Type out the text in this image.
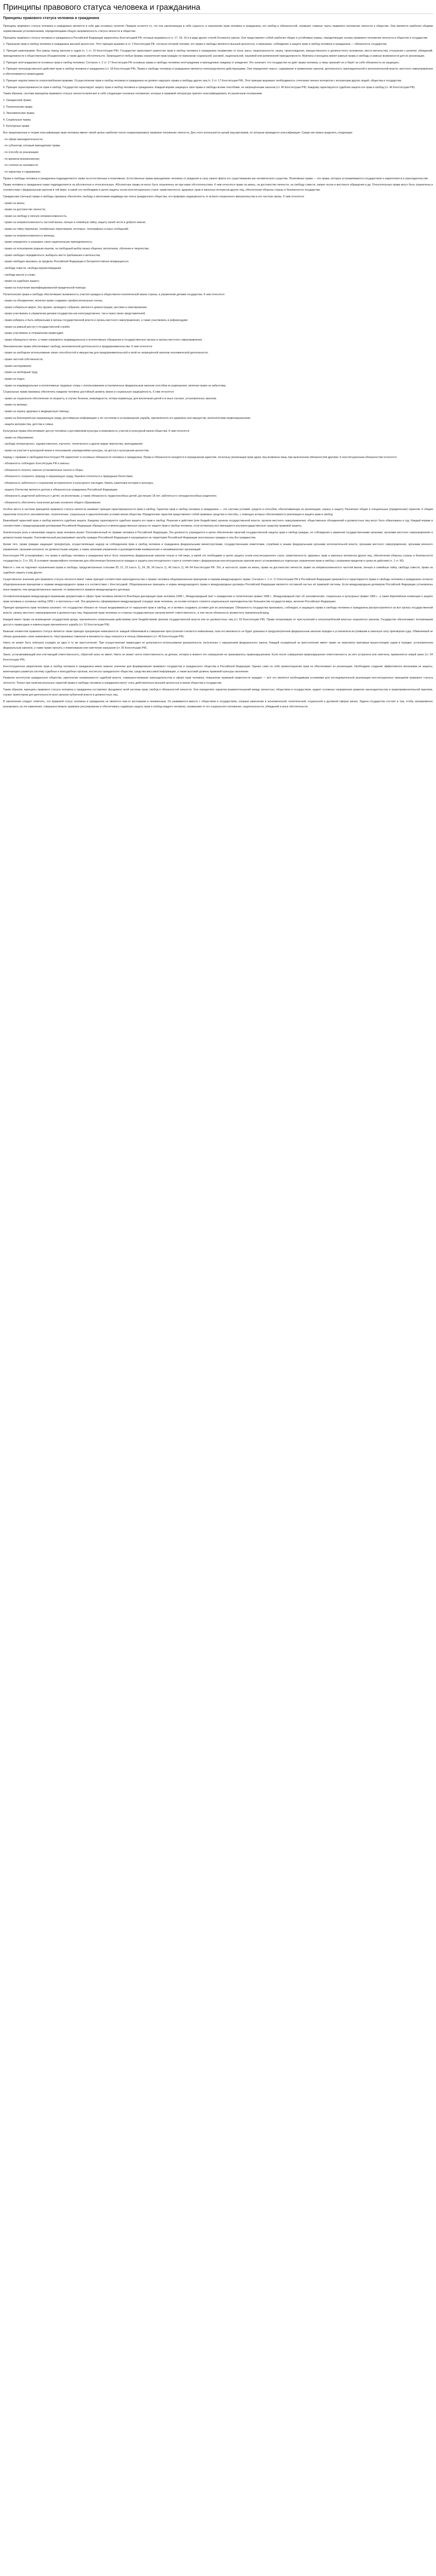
Принципы правового статуса человека и гражданина
Принципы правового статуса человека и гражданина

Принципы правового статуса человека и гражданина являются в себе два основных понятия: Первым остается то, что они заключающие в себя сущность и назначение прав человека и гражданина, его свобод и обязанностей, отражают главные черты правового положения личности в обществе. Они являются наиболее общими нормативными установлениями, определяющими общую направленность статуса личности в обществе.

Принципы правового статуса человека и гражданина в Российской Федерации закреплены Конституцией РФ, которые выражены в ст. 17, 18, 19 и в ряде других статей Основного закона. Они представляют собой наиболее общие и устойчивые нормы, определяющие основы правового положения личности в обществе и государстве.

1. Признание прав и свобод человека и гражданина высшей ценностью. Этот принцип выражен в ст. 2 Конституции РФ, согласно которой человек, его права и свободы являются высшей ценностью, а признание, соблюдение и защита прав и свобод человека и гражданина — обязанность государства.

2. Принцип равноправия. Все равны перед законом и судом (ч. 1 ст. 19 Конституции РФ). Государство гарантирует равенство прав и свобод человека и гражданина независимо от пола, расы, национальности, языка, происхождения, имущественного и должностного положения, места жительства, отношения к религии, убеждений, принадлежности к общественным объединениям, а также других обстоятельств. Запрещаются любые формы ограничения прав граждан по признакам социальной, расовой, национальной, языковой или религиозной принадлежности. Мужчина и женщина имеют равные права и свободы и равные возможности для их реализации.

3. Принцип неотчуждаемости основных прав и свобод человека. Согласно ч. 2 ст. 17 Конституции РФ основные права и свободы человека неотчуждаемы и принадлежат каждому от рождения. Это означает, что государство не даёт права человеку, а лишь признаёт их и берёт на себя обязанность их защищать.

4. Принцип непосредственного действия прав и свобод человека и гражданина (ст. 18 Конституции РФ). Права и свободы человека и гражданина являются непосредственно действующими. Они определяют смысл, содержание и применение законов, деятельность законодательной и исполнительной власти, местного самоуправления и обеспечиваются правосудием.

5. Принцип недопустимости злоупотребления правами. Осуществление прав и свобод человека и гражданина не должно нарушать права и свободы других лиц (ч. 3 ст. 17 Конституции РФ). Этот принцип выражает необходимость сочетания личных интересов с интересами других людей, общества и государства.

6. Принцип гарантированности прав и свобод. Государство гарантирует защиту прав и свобод человека и гражданина. Каждый вправе защищать свои права и свободы всеми способами, не запрещёнными законом (ст. 45 Конституции РФ). Каждому гарантируется судебная защита его прав и свобод (ст. 46 Конституции РФ).

Таким образом, система принципов правового статуса личности включает в себя следующие основные положения, которые в правовой литературе принято классифицировать по различным основаниям:

1. Гражданские права;

2. Политические права;

3. Экономические права;

4. Социальные права;

5. Культурные права.

Все предложенные в теории классификации прав человека имеют своей целью наиболее полно охарактеризовать правовое положение личности. Для этого используется целый ряд критериев, по которым проводится классификация. Среди них можно выделить следующие:

- по сфере жизнедеятельности;

- по субъектам, которым принадлежат права;

- по способу их реализации;

- по времени возникновения;

- по степени их значимости;

- по характеру и содержанию.

Права и свободы человека и гражданина подразделяются также на естественные и позитивные. Естественные права принадлежат человеку от рождения в силу самого факта его существования как человеческого существа. Позитивные права — это права, которые устанавливаются государством и закрепляются в законодательстве.

Права человека и гражданина также подразделяются на абсолютные и относительные. Абсолютные права не могут быть ограничены ни при каких обстоятельствах. К ним относятся право на жизнь, на достоинство личности, на свободу совести, запрет пыток и жестокого обращения и др. Относительные права могут быть ограничены в соответствии с федеральным законом в той мере, в какой это необходимо в целях защиты основ конституционного строя, нравственности, здоровья, прав и законных интересов других лиц, обеспечения обороны страны и безопасности государства.

Гражданские (личные) права и свободы призваны обеспечить свободу и автономию индивида как члена гражданского общества, его правовую защищённость от всякого незаконного вмешательства в его частную жизнь. К ним относятся:

- право на жизнь;

- право на достоинство личности;

- право на свободу и личную неприкосновенность;

- право на неприкосновенность частной жизни, личную и семейную тайну, защиту своей чести и доброго имени;

- право на тайну переписки, телефонных переговоров, почтовых, телеграфных и иных сообщений;

- право на неприкосновенность жилища;

- право определять и указывать свою национальную принадлежность;

- право на пользование родным языком, на свободный выбор языка общения, воспитания, обучения и творчества;

- право свободно передвигаться, выбирать место пребывания и жительства;

- право свободно выезжать за пределы Российской Федерации и беспрепятственно возвращаться;

- свобода совести, свобода вероисповедания;

- свобода мысли и слова;

- право на судебную защиту;

- право на получение квалифицированной юридической помощи.

Политические права и свободы обеспечивают возможность участия граждан в общественно-политической жизни страны, в управлении делами государства. К ним относятся:

- право на объединение, включая право создавать профессиональные союзы;

- право собираться мирно, без оружия, проводить собрания, митинги и демонстрации, шествия и пикетирование;

- право участвовать в управлении делами государства как непосредственно, так и через своих представителей;

- право избирать и быть избранными в органы государственной власти и органы местного самоуправления, а также участвовать в референдуме;

- право на равный доступ к государственной службе;

- право участвовать в отправлении правосудия;

- право обращаться лично, а также направлять индивидуальные и коллективные обращения в государственные органы и органы местного самоуправления.

Экономические права обеспечивают свободу экономической деятельности и предпринимательства. К ним относятся:

- право на свободное использование своих способностей и имущества для предпринимательской и иной не запрещённой законом экономической деятельности;

- право частной собственности;

- право наследования;

- право на свободный труд;

- право на отдых;

- право на индивидуальные и коллективные трудовые споры с использованием установленных федеральным законом способов их разрешения, включая право на забастовку.

Социальные права призваны обеспечить каждому человеку достойный уровень жизни и социальную защищённость. К ним относятся:

- право на социальное обеспечение по возрасту, в случае болезни, инвалидности, потери кормильца, для воспитания детей и в иных случаях, установленных законом;

- право на жилище;

- право на охрану здоровья и медицинскую помощь;

- право на благоприятную окружающую среду, достоверную информацию о её состоянии и на возмещение ущерба, причинённого его здоровью или имуществу экологическим правонарушением;

- защита материнства, детства и семьи.

Культурные права обеспечивают доступ человека к достижениям культуры и возможность участия в культурной жизни общества. К ним относятся:

- право на образование;

- свобода литературного, художественного, научного, технического и других видов творчества, преподавания;

- право на участие в культурной жизни и пользование учреждениями культуры, на доступ к культурным ценностям.

Наряду с правами и свободами Конституция РФ закрепляет и основные обязанности человека и гражданина. Права и обязанности находятся в неразрывном единстве, поскольку реализация прав одних лиц возможна лишь при выполнении обязанностей другими. К конституционным обязанностям относятся:

- обязанность соблюдать Конституцию РФ и законы;

- обязанность платить законно установленные налоги и сборы;

- обязанность сохранять природу и окружающую среду, бережно относиться к природным богатствам;

- обязанность заботиться о сохранении исторического и культурного наследия, беречь памятники истории и культуры;

- защита Отечества является долгом и обязанностью гражданина Российской Федерации;

- обязанность родителей заботиться о детях, их воспитании, а также обязанность трудоспособных детей, достигших 18 лет, заботиться о нетрудоспособных родителях;

- обязанность обеспечить получение детьми основного общего образования.

Особое место в системе принципов правового статуса личности занимает принцип гарантированности прав и свобод. Гарантии прав и свобод человека и гражданина — это система условий, средств и способов, обеспечивающих их реализацию, охрану и защиту. Различают общие и специальные (юридические) гарантии. К общим гарантиям относятся экономические, политические, социальные и идеологические условия жизни общества. Юридические гарантии представляют собой правовые средства и способы, с помощью которых обеспечивается реализация и защита прав и свобод.

Важнейшей гарантией прав и свобод является судебная защита. Каждому гарантируется судебная защита его прав и свобод. Решения и действия (или бездействие) органов государственной власти, органов местного самоуправления, общественных объединений и должностных лиц могут быть обжалованы в суд. Каждый вправе в соответствии с международными договорами Российской Федерации обращаться в межгосударственные органы по защите прав и свобод человека, если исчерпаны все имеющиеся внутригосударственные средства правовой защиты.

Значительную роль в механизме защиты прав человека играет Уполномоченный по правам человека в Российской Федерации. Эта должность учреждается в целях обеспечения гарантий государственной защиты прав и свобод граждан, их соблюдения и уважения государственными органами, органами местного самоуправления и должностными лицами. Уполномоченный рассматривает жалобы граждан Российской Федерации и находящихся на территории Российской Федерации иностранных граждан и лиц без гражданства.

Кроме того, права граждан защищает прокуратура, осуществляющая надзор за соблюдением прав и свобод человека и гражданина федеральными министерствами, государственными комитетами, службами и иными федеральными органами исполнительной власти, органами местного самоуправления, органами военного управления, органами контроля, их должностными лицами, а также органами управления и руководителями коммерческих и некоммерческих организаций.

Конституция РФ устанавливает, что права и свободы человека и гражданина могут быть ограничены федеральным законом только в той мере, в какой это необходимо в целях защиты основ конституционного строя, нравственности, здоровья, прав и законных интересов других лиц, обеспечения обороны страны и безопасности государства (ч. 3 ст. 55). В условиях чрезвычайного положения для обеспечения безопасности граждан и защиты конституционного строя в соответствии с федеральным конституционным законом могут устанавливаться отдельные ограничения прав и свобод с указанием пределов и срока их действия (ч. 1 ст. 56).

Вместе с тем не подлежат ограничению права и свободы, предусмотренные статьями 20, 21, 23 (часть 1), 24, 28, 34 (часть 1), 40 (часть 1), 46–54 Конституции РФ. Это, в частности, право на жизнь, право на достоинство личности, право на неприкосновенность частной жизни, личную и семейную тайну, свобода совести, право на судебную защиту и ряд других.

Существенное значение для правового статуса личности имеет также принцип соответствия законодательства о правах человека общепризнанным принципам и нормам международного права. Согласно ч. 1 ст. 17 Конституции РФ в Российской Федерации признаются и гарантируются права и свободы человека и гражданина согласно общепризнанным принципам и нормам международного права и в соответствии с Конституцией. Общепризнанные принципы и нормы международного права и международные договоры Российской Федерации являются составной частью её правовой системы. Если международным договором Российской Федерации установлены иные правила, чем предусмотренные законом, то применяются правила международного договора.

Основополагающими международно-правовыми документами в сфере прав человека являются Всеобщая декларация прав человека 1948 г., Международный пакт о гражданских и политических правах 1966 г., Международный пакт об экономических, социальных и культурных правах 1966 г., а также Европейская конвенция о защите прав человека и основных свобод 1950 г. и протоколы к ней. Эти документы сформировали международный стандарт прав человека, на основе которого строится национальное законодательство большинства государств мира, включая Российскую Федерацию.

Принцип приоритета прав человека означает, что государство обязано не только воздерживаться от нарушения прав и свобод, но и активно создавать условия для их реализации. Обязанность государства признавать, соблюдать и защищать права и свободы человека и гражданина распространяется на все органы государственной власти, органы местного самоуправления и должностных лиц. Нарушение прав человека со стороны государственных органов влечёт ответственность, в том числе обязанность возместить причинённый вред.

Каждый имеет право на возмещение государством вреда, причинённого незаконными действиями (или бездействием) органов государственной власти или их должностных лиц (ст. 53 Конституции РФ). Права потерпевших от преступлений и злоупотреблений властью охраняются законом. Государство обеспечивает потерпевшим доступ к правосудию и компенсацию причинённого ущерба (ст. 52 Конституции РФ).

Важным элементом правового статуса является также принцип презумпции невиновности: каждый обвиняемый в совершении преступления считается невиновным, пока его виновность не будет доказана в предусмотренном федеральным законом порядке и установлена вступившим в законную силу приговором суда. Обвиняемый не обязан доказывать свою невиновность. Неустранимые сомнения в виновности лица толкуются в пользу обвиняемого (ст. 49 Конституции РФ).

Никто не может быть повторно осуждён за одно и то же преступление. При осуществлении правосудия не допускается использование доказательств, полученных с нарушением федерального закона. Каждый осуждённый за преступление имеет право на пересмотр приговора вышестоящим судом в порядке, установленном федеральным законом, а также право просить о помиловании или смягчении наказания (ст. 50 Конституции РФ).

Закон, устанавливающий или отягчающий ответственность, обратной силы не имеет. Никто не может нести ответственность за деяние, которое в момент его совершения не признавалось правонарушением. Если после совершения правонарушения ответственность за него устранена или смягчена, применяется новый закон (ст. 54 Конституции РФ).

Конституционное закрепление прав и свобод человека и гражданина имеет важное значение для формирования правового государства и гражданского общества в Российской Федерации. Однако само по себе провозглашение прав не обеспечивает их реализацию. Необходимо создание эффективного механизма их защиты, включающего развитую систему судебных и внесудебных органов, институты гражданского общества, средства массовой информации, а также высокий уровень правовой культуры населения.

Развитие институтов гражданского общества, укрепление независимости судебной власти, совершенствование законодательства в сфере прав человека, повышение правовой грамотности граждан — всё это является необходимыми условиями для последовательной реализации конституционных принципов правового статуса личности. Только при наличии реальных гарантий права и свободы человека и гражданина могут стать действительно высшей ценностью в жизни общества и государства.

Таким образом, принципы правового статуса человека и гражданина составляют фундамент всей системы прав, свобод и обязанностей личности. Они определяют характер взаимоотношений между личностью, обществом и государством, задают основные направления развития законодательства и правоприменительной практики, служат ориентиром для деятельности всех органов публичной власти и должностных лиц.

В заключение следует отметить, что правовой статус человека и гражданина не является чем-то застывшим и неизменным. Он развивается вместе с обществом и государством, отражая изменения в экономической, политической, социальной и духовной сферах жизни. Задача государства состоит в том, чтобы своевременно реагировать на эти изменения, совершенствовать правовое регулирование и обеспечивать надёжную защиту прав и свобод каждого человека, независимо от его социального положения, национальности, убеждений и иных обстоятельств.
